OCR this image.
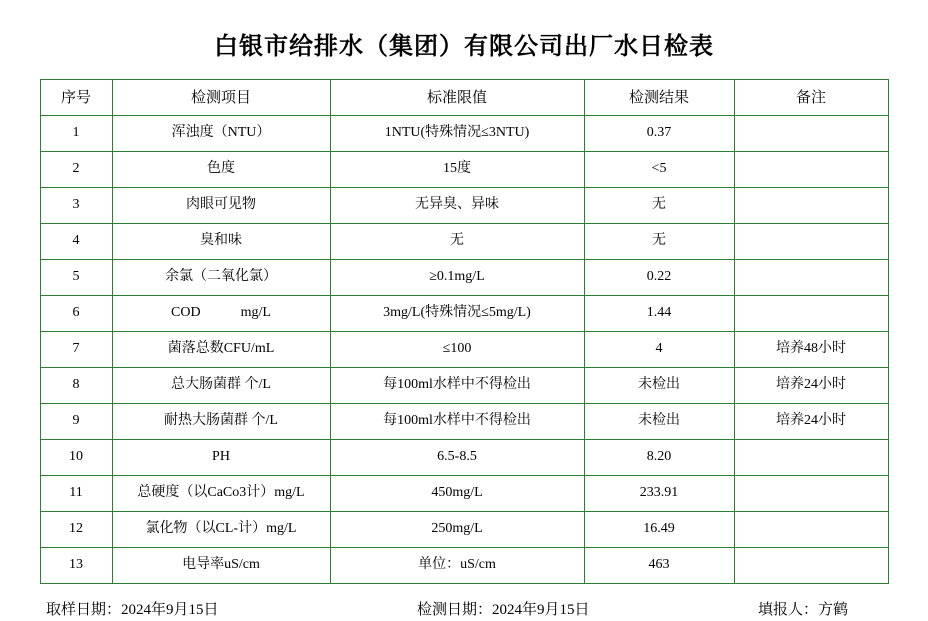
白银市给排水（集团）有限公司出厂水日检表
序号	检测项目	标准限值	检测结果	备注
1	浑浊度（NTU）	1NTU(特殊情况≤3NTU)	0.37	
2	色度	15度	<5	
3	肉眼可见物	无异臭、异味	无	
4	臭和味	无	无	
5	余氯（二氧化氯）	≥0.1mg/L	0.22	
6	COD mg/L	3mg/L(特殊情况≤5mg/L)	1.44	
7	菌落总数CFU/mL	≤100	4	培养48小时
8	总大肠菌群 个/L	每100ml水样中不得检出	未检出	培养24小时
9	耐热大肠菌群 个/L	每100ml水样中不得检出	未检出	培养24小时
10	PH	6.5-8.5	8.20	
11	总硬度（以CaCo3计）mg/L	450mg/L	233.91	
12	氯化物（以CL-计）mg/L	250mg/L	16.49	
13	电导率uS/cm	单位：uS/cm	463	
取样日期：2024年9月15日	检测日期：2024年9月15日	填报人：方鹤
